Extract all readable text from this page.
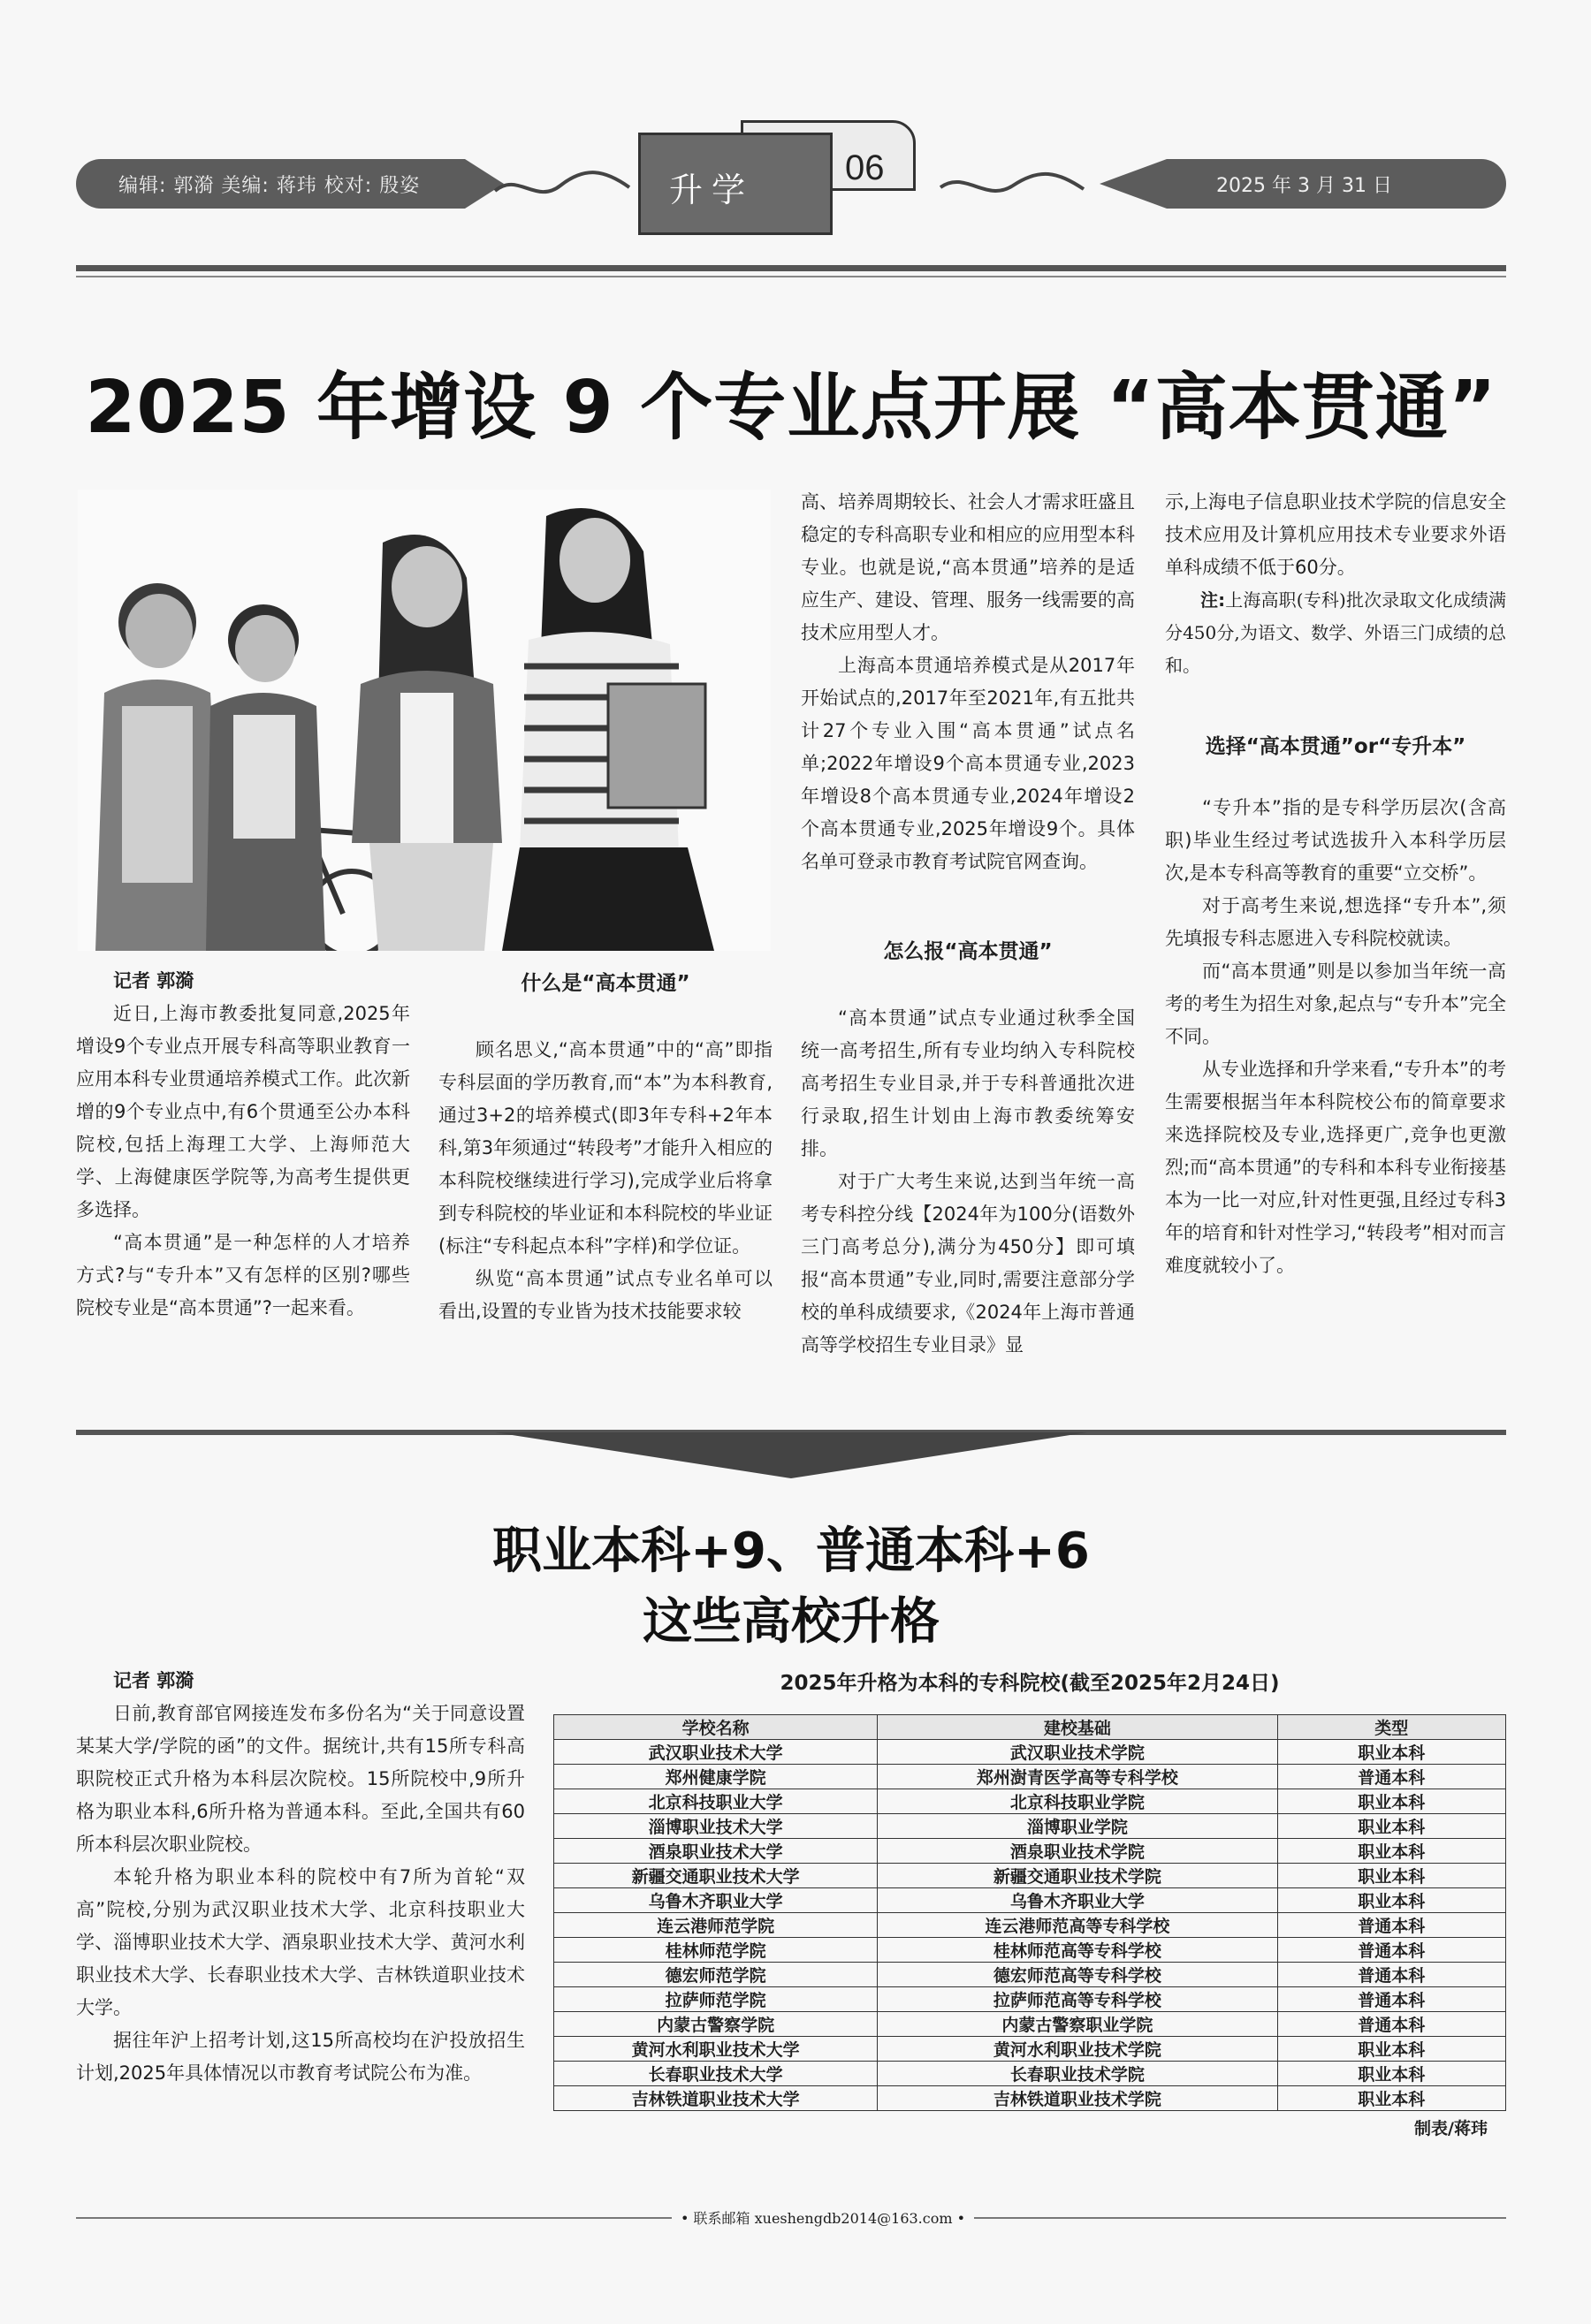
编辑: 郭漪 美编: 蒋玮 校对: 殷姿	升学
06	2025 年 3 月 31 日
2025 年增设 9 个专业点开展 “高本贯通”
记者 郭漪

近日,上海市教委批复同意,2025年增设9个专业点开展专科高等职业教育一应用本科专业贯通培养模式工作。此次新增的9个专业点中,有6个贯通至公办本科院校,包括上海理工大学、上海师范大学、上海健康医学院等,为高考生提供更多选择。

“高本贯通”是一种怎样的人才培养方式?与“专升本”又有怎样的区别?哪些院校专业是“高本贯通”?一起来看。

什么是“高本贯通”

顾名思义,“高本贯通”中的“高”即指专科层面的学历教育,而“本”为本科教育,通过3+2的培养模式(即3年专科+2年本科,第3年须通过“转段考”才能升入相应的本科院校继续进行学习),完成学业后将拿到专科院校的毕业证和本科院校的毕业证(标注“专科起点本科”字样)和学位证。

纵览“高本贯通”试点专业名单可以看出,设置的专业皆为技术技能要求较

高、培养周期较长、社会人才需求旺盛且稳定的专科高职专业和相应的应用型本科专业。也就是说,“高本贯通”培养的是适应生产、建设、管理、服务一线需要的高技术应用型人才。

上海高本贯通培养模式是从2017年开始试点的,2017年至2021年,有五批共计27个专业入围“高本贯通”试点名单;2022年增设9个高本贯通专业,2023年增设8个高本贯通专业,2024年增设2个高本贯通专业,2025年增设9个。具体名单可登录市教育考试院官网查询。

怎么报“高本贯通”

“高本贯通”试点专业通过秋季全国统一高考招生,所有专业均纳入专科院校高考招生专业目录,并于专科普通批次进行录取,招生计划由上海市教委统筹安排。

对于广大考生来说,达到当年统一高考专科控分线【2024年为100分(语数外三门高考总分),满分为450分】即可填报“高本贯通”专业,同时,需要注意部分学校的单科成绩要求,《2024年上海市普通高等学校招生专业目录》显

示,上海电子信息职业技术学院的信息安全技术应用及计算机应用技术专业要求外语单科成绩不低于60分。

注:上海高职(专科)批次录取文化成绩满分450分,为语文、数学、外语三门成绩的总和。

选择“高本贯通”or“专升本”

“专升本”指的是专科学历层次(含高职)毕业生经过考试选拔升入本科学历层次,是本专科高等教育的重要“立交桥”。

对于高考生来说,想选择“专升本”,须先填报专科志愿进入专科院校就读。

而“高本贯通”则是以参加当年统一高考的考生为招生对象,起点与“专升本”完全不同。

从专业选择和升学来看,“专升本”的考生需要根据当年本科院校公布的简章要求来选择院校及专业,选择更广,竞争也更激烈;而“高本贯通”的专科和本科专业衔接基本为一比一对应,针对性更强,且经过专科3年的培育和针对性学习,“转段考”相对而言难度就较小了。

职业本科+9、普通本科+6
这些高校升格
记者 郭漪

日前,教育部官网接连发布多份名为“关于同意设置某某大学/学院的函”的文件。据统计,共有15所专科高职院校正式升格为本科层次院校。15所院校中,9所升格为职业本科,6所升格为普通本科。至此,全国共有60所本科层次职业院校。

本轮升格为职业本科的院校中有7所为首轮“双高”院校,分别为武汉职业技术大学、北京科技职业大学、淄博职业技术大学、酒泉职业技术大学、黄河水利职业技术大学、长春职业技术大学、吉林铁道职业技术大学。

据往年沪上招考计划,这15所高校均在沪投放招生计划,2025年具体情况以市教育考试院公布为准。

2025年升格为本科的专科院校(截至2025年2月24日)
学校名称	建校基础	类型
武汉职业技术大学	武汉职业技术学院	职业本科
郑州健康学院	郑州澍青医学高等专科学校	普通本科
北京科技职业大学	北京科技职业学院	职业本科
淄博职业技术大学	淄博职业学院	职业本科
酒泉职业技术大学	酒泉职业技术学院	职业本科
新疆交通职业技术大学	新疆交通职业技术学院	职业本科
乌鲁木齐职业大学	乌鲁木齐职业大学	职业本科
连云港师范学院	连云港师范高等专科学校	普通本科
桂林师范学院	桂林师范高等专科学校	普通本科
德宏师范学院	德宏师范高等专科学校	普通本科
拉萨师范学院	拉萨师范高等专科学校	普通本科
内蒙古警察学院	内蒙古警察职业学院	普通本科
黄河水利职业技术大学	黄河水利职业技术学院	职业本科
长春职业技术大学	长春职业技术学院	职业本科
吉林铁道职业技术大学	吉林铁道职业技术学院	职业本科
制表/蒋玮
• 联系邮箱 xueshengdb2014@163.com •
